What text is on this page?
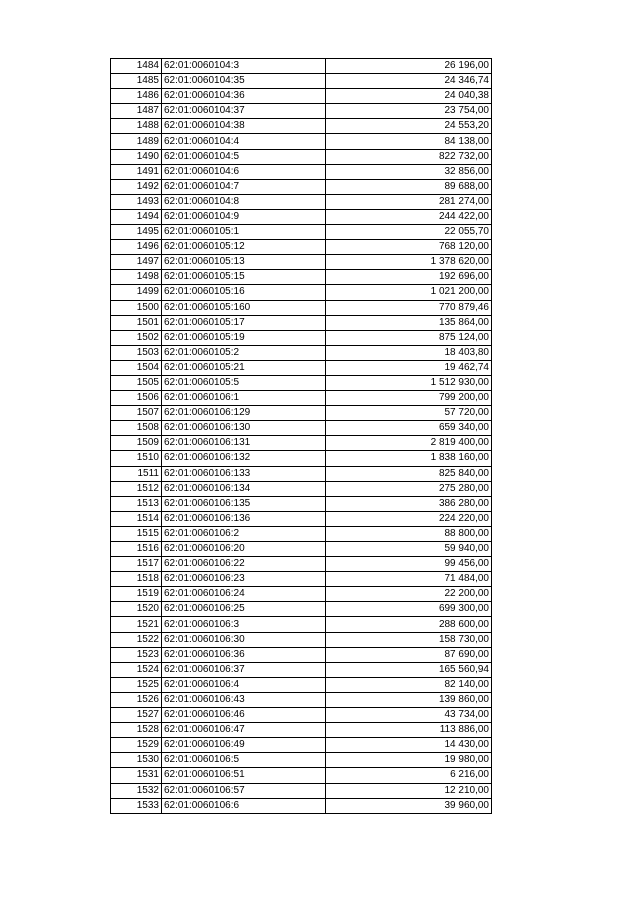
1484	62:01:0060104:3	26 196,00
1485	62:01:0060104:35	24 346,74
1486	62:01:0060104:36	24 040,38
1487	62:01:0060104:37	23 754,00
1488	62:01:0060104:38	24 553,20
1489	62:01:0060104:4	84 138,00
1490	62:01:0060104:5	822 732,00
1491	62:01:0060104:6	32 856,00
1492	62:01:0060104:7	89 688,00
1493	62:01:0060104:8	281 274,00
1494	62:01:0060104:9	244 422,00
1495	62:01:0060105:1	22 055,70
1496	62:01:0060105:12	768 120,00
1497	62:01:0060105:13	1 378 620,00
1498	62:01:0060105:15	192 696,00
1499	62:01:0060105:16	1 021 200,00
1500	62:01:0060105:160	770 879,46
1501	62:01:0060105:17	135 864,00
1502	62:01:0060105:19	875 124,00
1503	62:01:0060105:2	18 403,80
1504	62:01:0060105:21	19 462,74
1505	62:01:0060105:5	1 512 930,00
1506	62:01:0060106:1	799 200,00
1507	62:01:0060106:129	57 720,00
1508	62:01:0060106:130	659 340,00
1509	62:01:0060106:131	2 819 400,00
1510	62:01:0060106:132	1 838 160,00
1511	62:01:0060106:133	825 840,00
1512	62:01:0060106:134	275 280,00
1513	62:01:0060106:135	386 280,00
1514	62:01:0060106:136	224 220,00
1515	62:01:0060106:2	88 800,00
1516	62:01:0060106:20	59 940,00
1517	62:01:0060106:22	99 456,00
1518	62:01:0060106:23	71 484,00
1519	62:01:0060106:24	22 200,00
1520	62:01:0060106:25	699 300,00
1521	62:01:0060106:3	288 600,00
1522	62:01:0060106:30	158 730,00
1523	62:01:0060106:36	87 690,00
1524	62:01:0060106:37	165 560,94
1525	62:01:0060106:4	82 140,00
1526	62:01:0060106:43	139 860,00
1527	62:01:0060106:46	43 734,00
1528	62:01:0060106:47	113 886,00
1529	62:01:0060106:49	14 430,00
1530	62:01:0060106:5	19 980,00
1531	62:01:0060106:51	6 216,00
1532	62:01:0060106:57	12 210,00
1533	62:01:0060106:6	39 960,00
